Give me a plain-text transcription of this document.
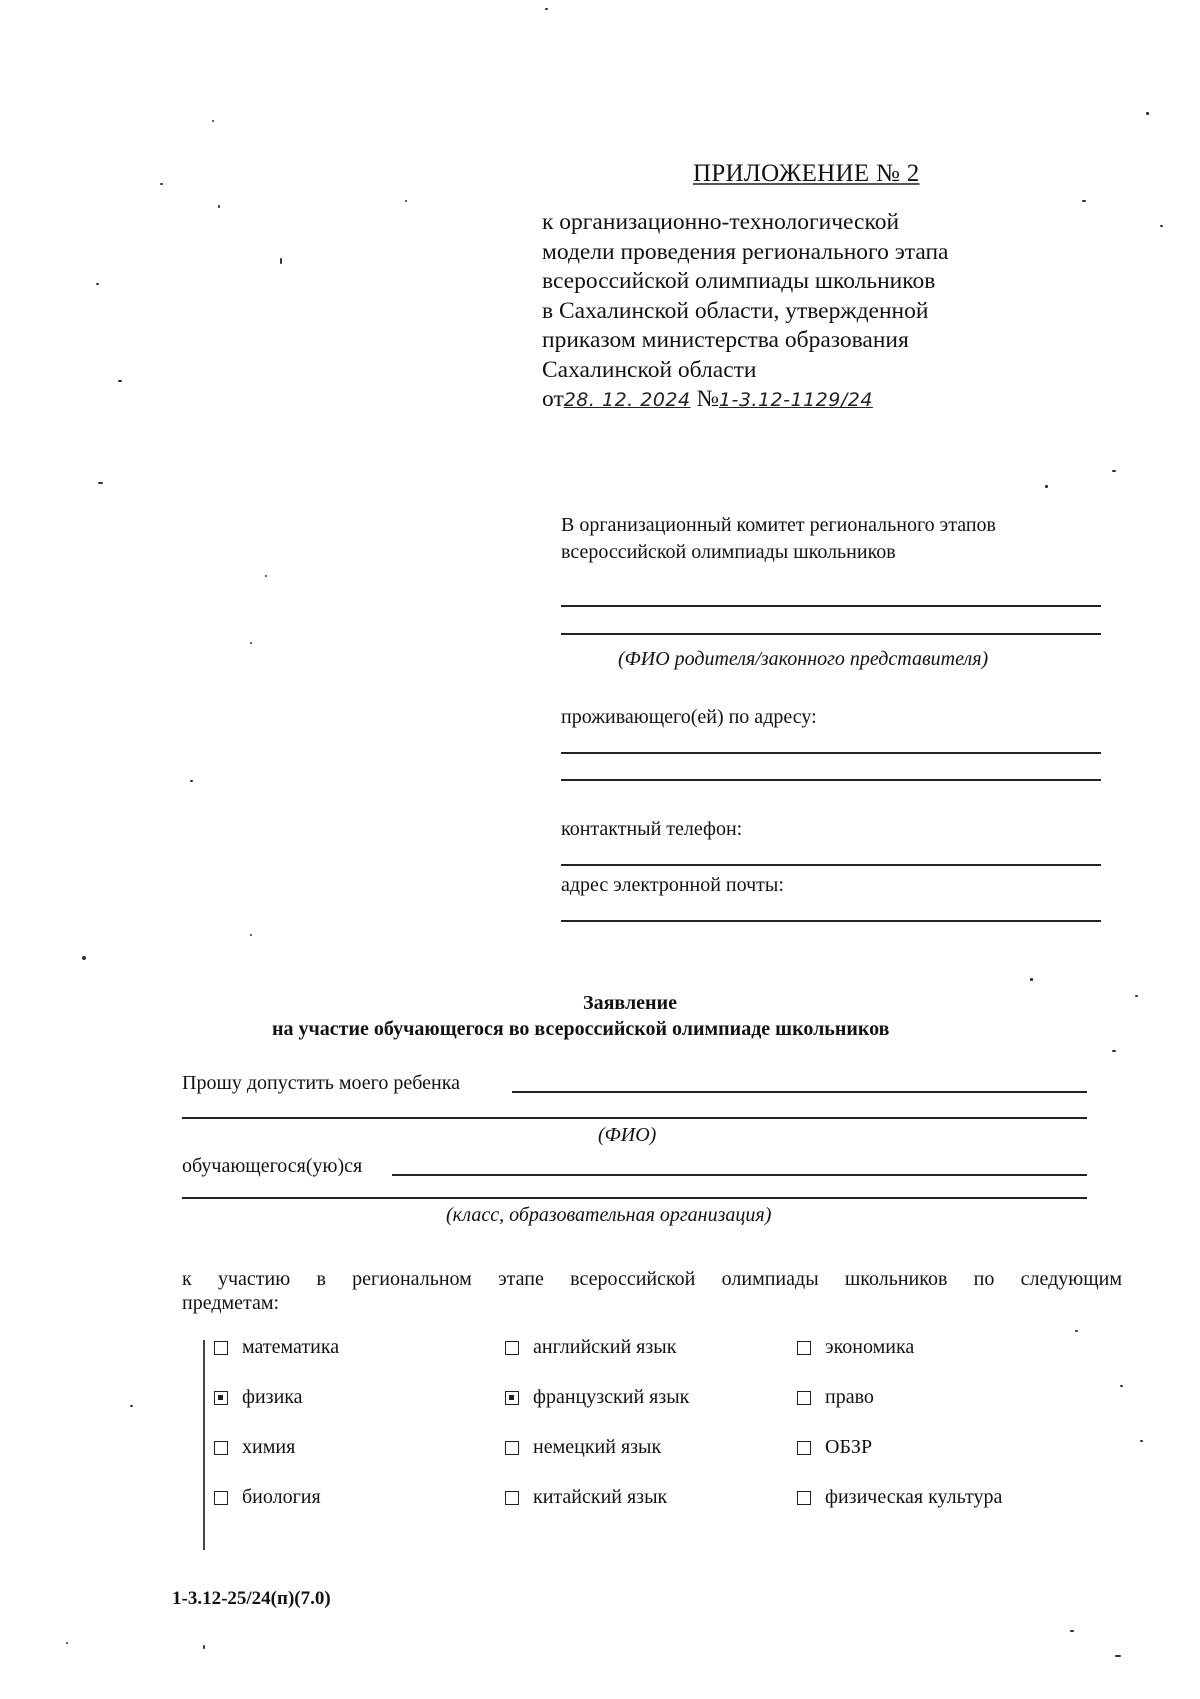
ПРИЛОЖЕНИЕ № 2
к организационно-технологической
модели проведения регионального этапа
всероссийской олимпиады школьников
в Сахалинской области, утвержденной
приказом министерства образования
Сахалинской области
от28. 12. 2024 №1-3.12-1129/24
В организационный комитет регионального этапов
всероссийской олимпиады школьников
(ФИО родителя/законного представителя)
проживающего(ей) по адресу:
контактный телефон:
адрес электронной почты:
Заявление
на участие обучающегося во всероссийской олимпиаде школьников
Прошу допустить моего ребенка
(ФИО)
обучающегося(ую)ся
(класс, образовательная организация)
к участию в региональном этапе всероссийской олимпиады школьников по следующим
предметам:
математика
физика
химия
биология
английский язык
французский язык
немецкий язык
китайский язык
экономика
право
ОБЗР
физическая культура
1-3.12-25/24(п)(7.0)
